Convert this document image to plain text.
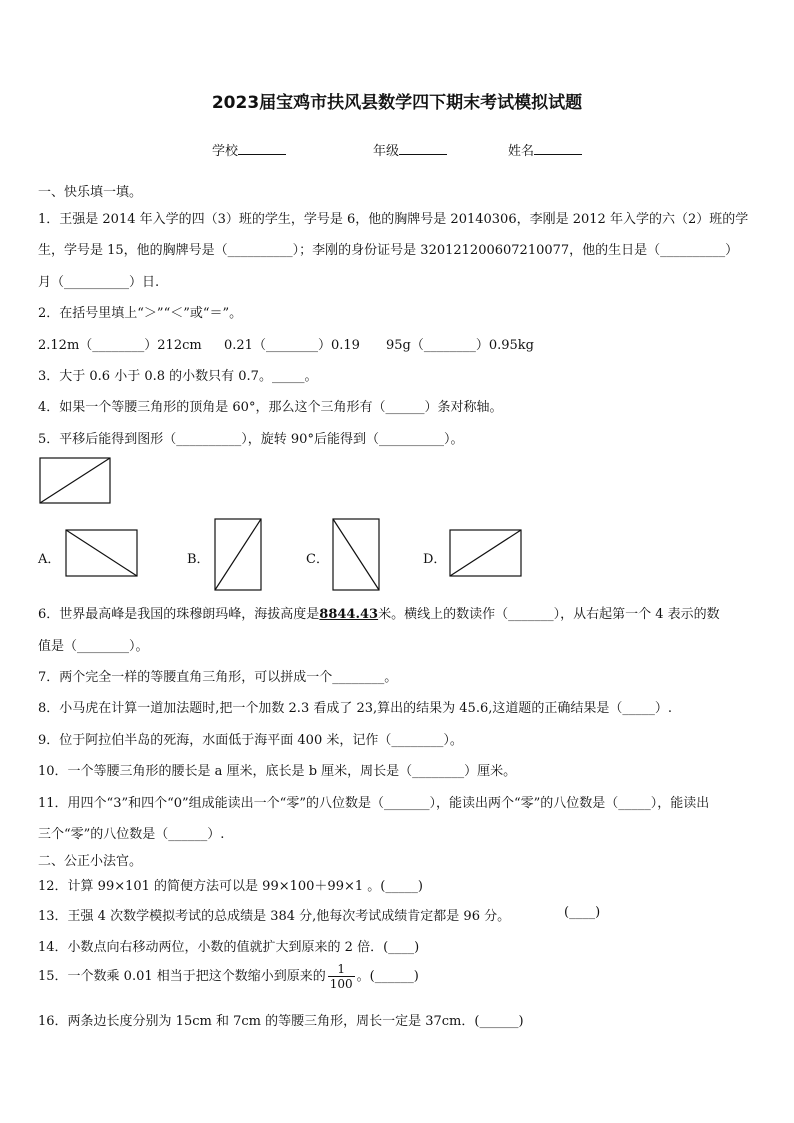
2023届宝鸡市扶风县数学四下期末考试模拟试题
学校	年级	姓名
一、快乐填一填。
1．王强是 2014 年入学的四（3）班的学生，学号是 6，他的胸牌号是 20140306，李刚是 2012 年入学的六（2）班的学
生，学号是 15，他的胸牌号是（__________）；李刚的身份证号是 320121200607210077，他的生日是（__________）
月（__________）日.
2．在括号里填上“＞”“＜”或“＝”。
2.12m（________）212cm 0.21（________）0.19 95g（________）0.95kg
3．大于 0.6 小于 0.8 的小数只有 0.7。_____。
4．如果一个等腰三角形的顶角是 60°，那么这个三角形有（______）条对称轴。
5．平移后能得到图形（__________），旋转 90°后能得到（__________）。
A．	B．	C．	D．
6．世界最高峰是我国的珠穆朗玛峰，海拔高度是8844.43米。横线上的数读作（_______），从右起第一个 4 表示的数
值是（________）。
7．两个完全一样的等腰直角三角形，可以拼成一个________。
8．小马虎在计算一道加法题时,把一个加数 2.3 看成了 23,算出的结果为 45.6,这道题的正确结果是（_____）.
9．位于阿拉伯半岛的死海，水面低于海平面 400 米，记作（________）。
10．一个等腰三角形的腰长是 a 厘米，底长是 b 厘米，周长是（________）厘米。
11．用四个“3”和四个“0”组成能读出一个“零”的八位数是（_______），能读出两个“零”的八位数是（_____），能读出
三个“零”的八位数是（______）.
二、公正小法官。
12．计算 99×101 的简便方法可以是 99×100＋99×1 。(_____)
13．王强 4 次数学模拟考试的总成绩是 384 分,他每次考试成绩肯定都是 96 分。	(____)
14．小数点向右移动两位，小数的值就扩大到原来的 2 倍．(____)
15．一个数乘 0.01 相当于把这个数缩小到原来的 $\frac{1}{100}$ 。(______)
16．两条边长度分别为 15cm 和 7cm 的等腰三角形，周长一定是 37cm．(______)
